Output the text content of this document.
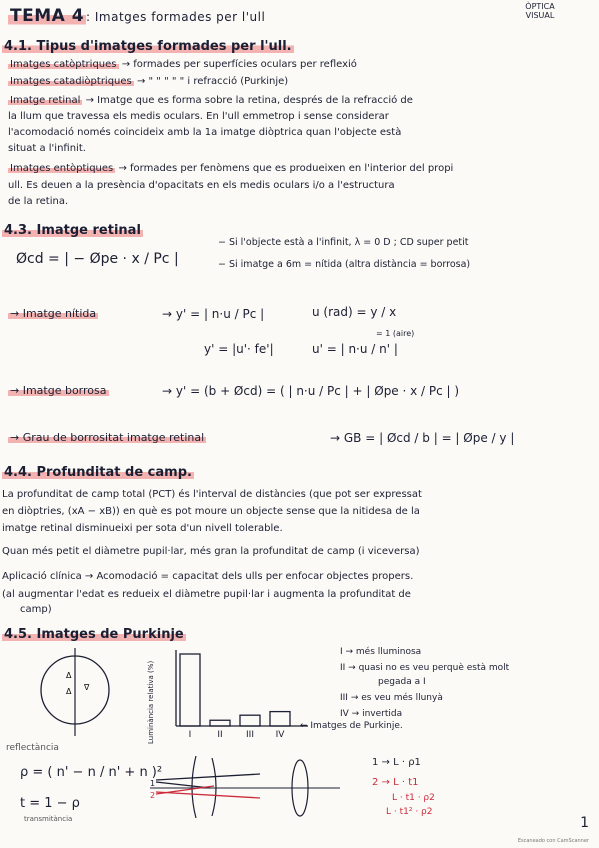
TEMA 4 : Imatges formades per l'ull
ÒPTICA
VISUAL
4.1. Tipus d'imatges formades per l'ull.
Imatges catòptriques → formades per superfícies oculars per reflexió
Imatges catadiòptriques → " " " " " i refracció (Purkinje)
Imatge retinal → Imatge que es forma sobre la retina, després de la refracció de
la llum que travessa els medis oculars. En l'ull emmetrop i sense considerar
l'acomodació només coincideix amb la 1a imatge diòptrica quan l'objecte està
situat a l'infinit.
Imatges entòptiques → formades per fenòmens que es produeixen en l'interior del propi
ull. Es deuen a la presència d'opacitats en els medis oculars i/o a l'estructura
de la retina.
4.3. Imatge retinal
Øcd = | − Øpe · x / Pc |
− Si l'objecte està a l'infinit, λ = 0 D ; CD super petit
− Si imatge a 6m = nítida (altra distància = borrosa)
→ Imatge nítida	→ y' = | n·u / Pc |	u (rad) = y / x
y' = |u'· fe'|	u' = | n·u / n' |
= 1 (aire)
→ Imatge borrosa	→ y' = (b + Øcd) = ( | n·u / Pc | + | Øpe · x / Pc | )
→ Grau de borrositat imatge retinal	→ GB = | Øcd / b | = | Øpe / y |
4.4. Profunditat de camp.
La profunditat de camp total (PCT) és l'interval de distàncies (que pot ser expressat
en diòptries, (xA − xB)) en què es pot moure un objecte sense que la nitidesa de la
imatge retinal disminueixi per sota d'un nivell tolerable.
Quan més petit el diàmetre pupil·lar, més gran la profunditat de camp (i viceversa)
Aplicació clínica → Acomodació = capacitat dels ulls per enfocar objectes propers.
(al augmentar l'edat es redueix el diàmetre pupil·lar i augmenta la profunditat de
camp)
4.5. Imatges de Purkinje
Δ
Δ ∇
I	II	III IV
Luminància relativa (%)	← Imatges de Purkinje.
I → més lluminosa
II → quasi no es veu perquè està molt
pegada a I
III → es veu més llunyà
IV → invertida
reflectància
ρ = ( n' − n / n' + n )²
t = 1 − ρ
transmitància
1
2
1 → L · ρ1
2 → L · t1
L · t1 · ρ2
L · t1² · ρ2
1
Escaneado con CamScanner
